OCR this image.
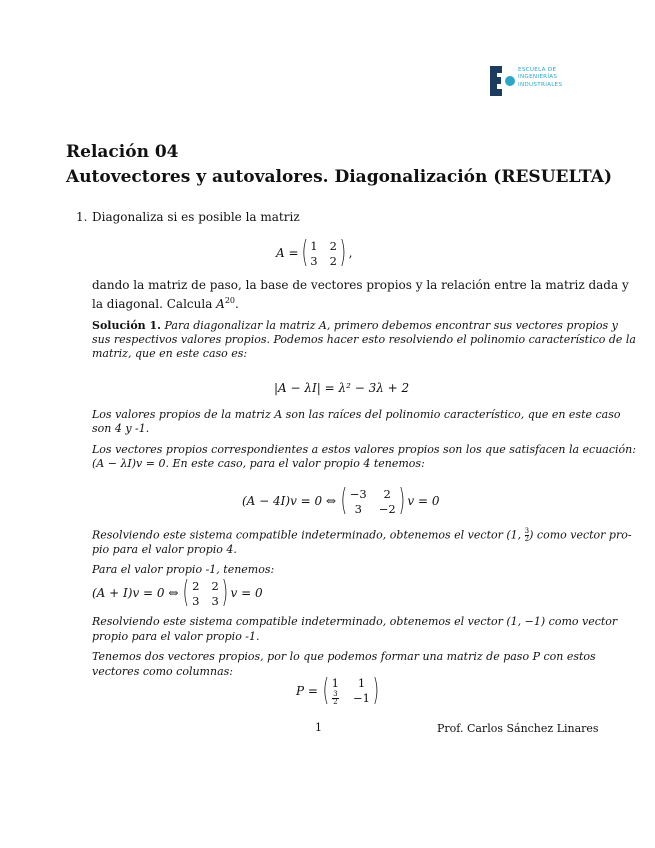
ESCUELA DE
INGENIERÍAS
INDUSTRIALES
Relación 04
Autovectores y autovalores. Diagonalización (RESUELTA)
1. Diagonaliza si es posible la matriz
A = ( 1 2
3 2 ) ,
dando la matriz de paso, la base de vectores propios y la relación entre la matriz dada y
la diagonal. Calcula $A^{20}$.
Solución 1. Para diagonalizar la matriz A, primero debemos encontrar sus vectores propios y
sus respectivos valores propios. Podemos hacer esto resolviendo el polinomio característico de la
matriz, que en este caso es:
|A − λI| = λ² − 3λ + 2
Los valores propios de la matriz A son las raíces del polinomio característico, que en este caso
son 4 y -1.
Los vectores propios correspondientes a estos valores propios son los que satisfacen la ecuación:
(A − λI)v = 0. En este caso, para el valor propio 4 tenemos:
(A − 4I)v = 0 ⇔ ( −3	2
3	−2 ) v = 0
Resolviendo este sistema compatible indeterminado, obtenemos el vector (1, $\frac{3}{2}$ ) como vector pro-
pio para el valor propio 4.
Para el valor propio -1, tenemos:
(A + I)v = 0 ⇔ ( 2 2
3 3 ) v = 0
Resolviendo este sistema compatible indeterminado, obtenemos el vector (1, −1) como vector
propio para el valor propio -1.
Tenemos dos vectores propios, por lo que podemos formar una matriz de paso P con estos
vectores como columnas:
P = ( 1	1
$\frac{3}{2} -1$ )
1	Prof. Carlos Sánchez Linares
